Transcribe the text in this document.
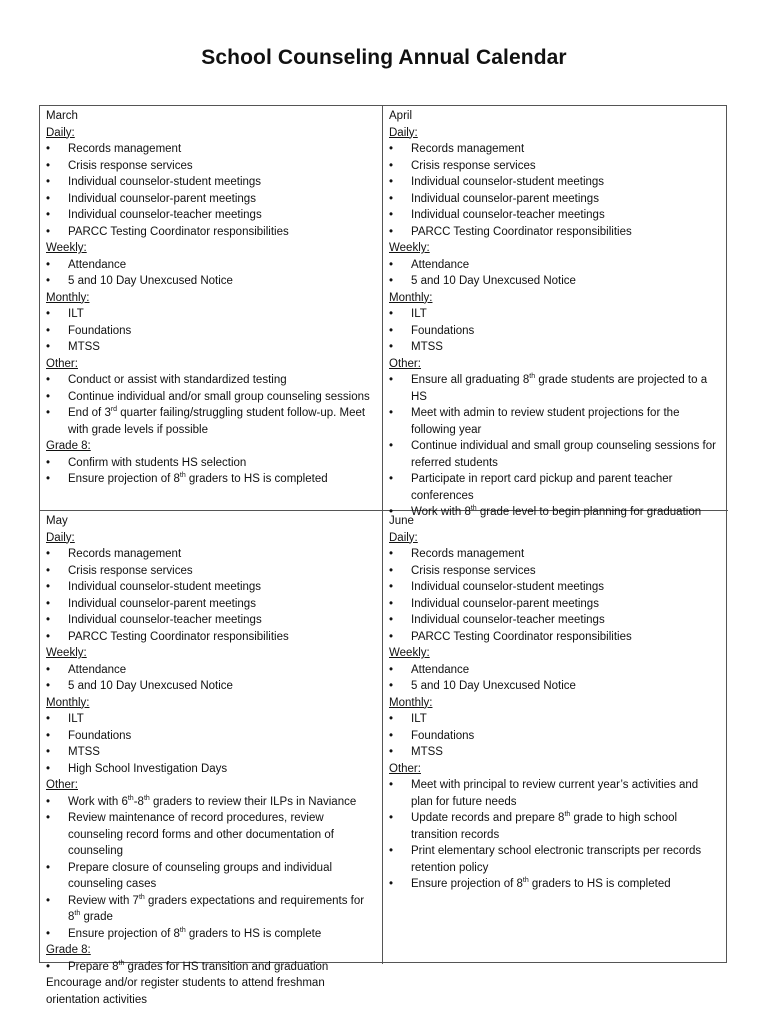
School Counseling Annual Calendar
March
Daily:
• Records management
• Crisis response services
• Individual counselor-student meetings
• Individual counselor-parent meetings
• Individual counselor-teacher meetings
• PARCC Testing Coordinator responsibilities
Weekly:
• Attendance
• 5 and 10 Day Unexcused Notice
Monthly:
• ILT
• Foundations
• MTSS
Other:
• Conduct or assist with standardized testing
• Continue individual and/or small group counseling sessions
• End of 3rd quarter failing/struggling student follow-up. Meet with grade levels if possible
Grade 8:
• Confirm with students HS selection
• Ensure projection of 8th graders to HS is completed
April
Daily:
• Records management
• Crisis response services
• Individual counselor-student meetings
• Individual counselor-parent meetings
• Individual counselor-teacher meetings
• PARCC Testing Coordinator responsibilities
Weekly:
• Attendance
• 5 and 10 Day Unexcused Notice
Monthly:
• ILT
• Foundations
• MTSS
Other:
• Ensure all graduating 8th grade students are projected to a HS
• Meet with admin to review student projections for the following year
• Continue individual and small group counseling sessions for referred students
• Participate in report card pickup and parent teacher conferences
• Work with 8th grade level to begin planning for graduation
May
Daily:
• Records management
• Crisis response services
• Individual counselor-student meetings
• Individual counselor-parent meetings
• Individual counselor-teacher meetings
• PARCC Testing Coordinator responsibilities
Weekly:
• Attendance
• 5 and 10 Day Unexcused Notice
Monthly:
• ILT
• Foundations
• MTSS
• High School Investigation Days
Other:
• Work with 6th-8th graders to review their ILPs in Naviance
• Review maintenance of record procedures, review counseling record forms and other documentation of counseling
• Prepare closure of counseling groups and individual counseling cases
• Review with 7th graders expectations and requirements for 8th grade
• Ensure projection of 8th graders to HS is complete
Grade 8:
• Prepare 8th grades for HS transition and graduation
Encourage and/or register students to attend freshman orientation activities
June
Daily:
• Records management
• Crisis response services
• Individual counselor-student meetings
• Individual counselor-parent meetings
• Individual counselor-teacher meetings
• PARCC Testing Coordinator responsibilities
Weekly:
• Attendance
• 5 and 10 Day Unexcused Notice
Monthly:
• ILT
• Foundations
• MTSS
Other:
• Meet with principal to review current year’s activities and plan for future needs
• Update records and prepare 8th grade to high school transition records
• Print elementary school electronic transcripts per records retention policy
• Ensure projection of 8th graders to HS is completed
